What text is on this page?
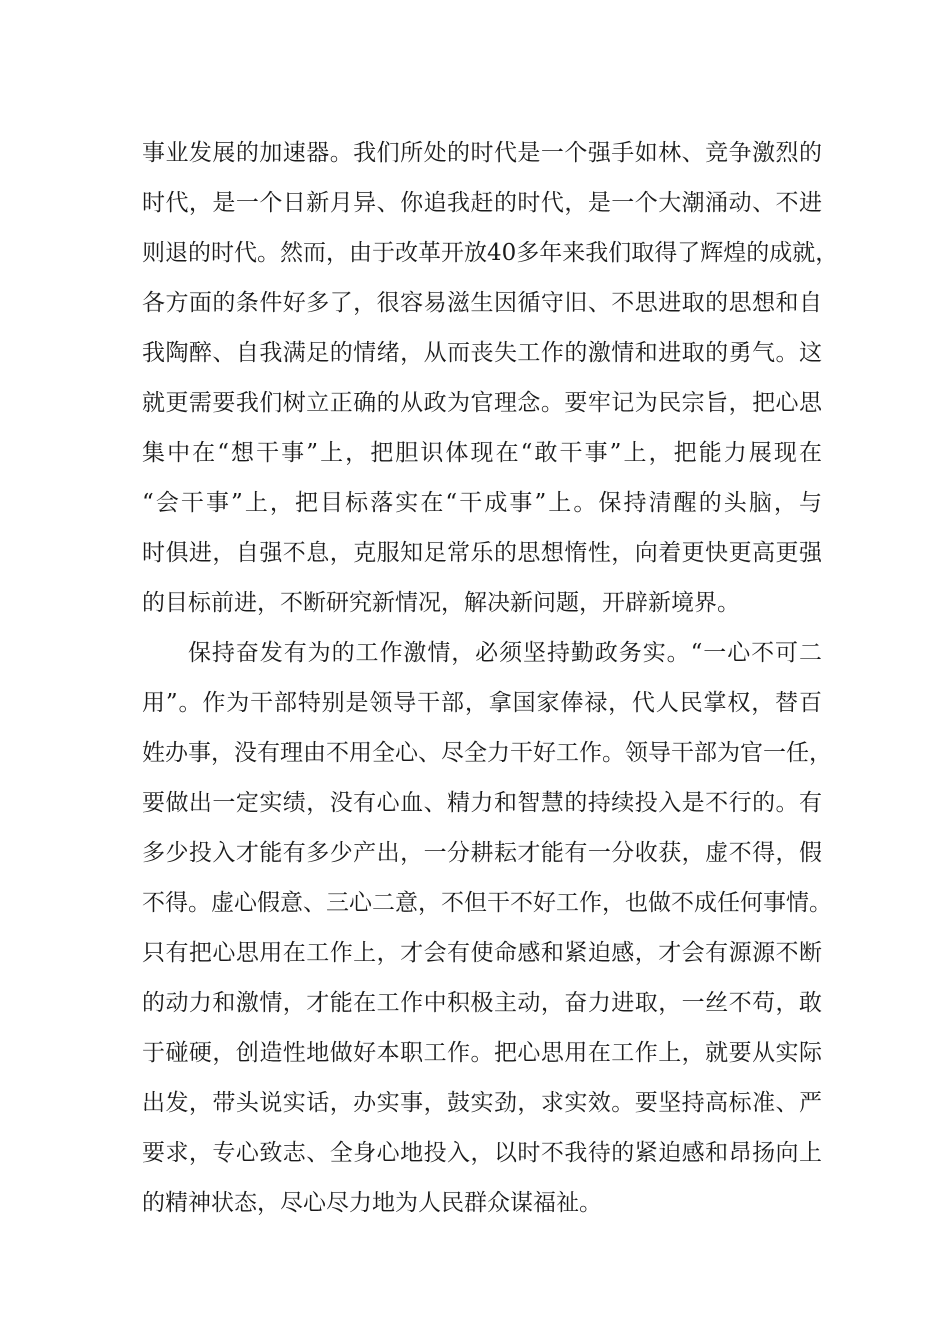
事业发展的加速器。我们所处的时代是一个强手如林、竞争激烈的
时代，是一个日新月异、你追我赶的时代，是一个大潮涌动、不进
则退的时代。然而，由于改革开放40多年来我们取得了辉煌的成就，
各方面的条件好多了，很容易滋生因循守旧、不思进取的思想和自
我陶醉、自我满足的情绪，从而丧失工作的激情和进取的勇气。这
就更需要我们树立正确的从政为官理念。要牢记为民宗旨，把心思
集中在“想干事”上，把胆识体现在“敢干事”上，把能力展现在
“会干事”上，把目标落实在“干成事”上。保持清醒的头脑，与
时俱进，自强不息，克服知足常乐的思想惰性，向着更快更高更强
的目标前进，不断研究新情况，解决新问题，开辟新境界。
保持奋发有为的工作激情，必须坚持勤政务实。“一心不可二
用”。作为干部特别是领导干部，拿国家俸禄，代人民掌权，替百
姓办事，没有理由不用全心、尽全力干好工作。领导干部为官一任，
要做出一定实绩，没有心血、精力和智慧的持续投入是不行的。有
多少投入才能有多少产出，一分耕耘才能有一分收获，虚不得，假
不得。虚心假意、三心二意，不但干不好工作，也做不成任何事情。
只有把心思用在工作上，才会有使命感和紧迫感，才会有源源不断
的动力和激情，才能在工作中积极主动，奋力进取，一丝不苟，敢
于碰硬，创造性地做好本职工作。把心思用在工作上，就要从实际
出发，带头说实话，办实事，鼓实劲，求实效。要坚持高标准、严
要求，专心致志、全身心地投入，以时不我待的紧迫感和昂扬向上
的精神状态，尽心尽力地为人民群众谋福祉。
